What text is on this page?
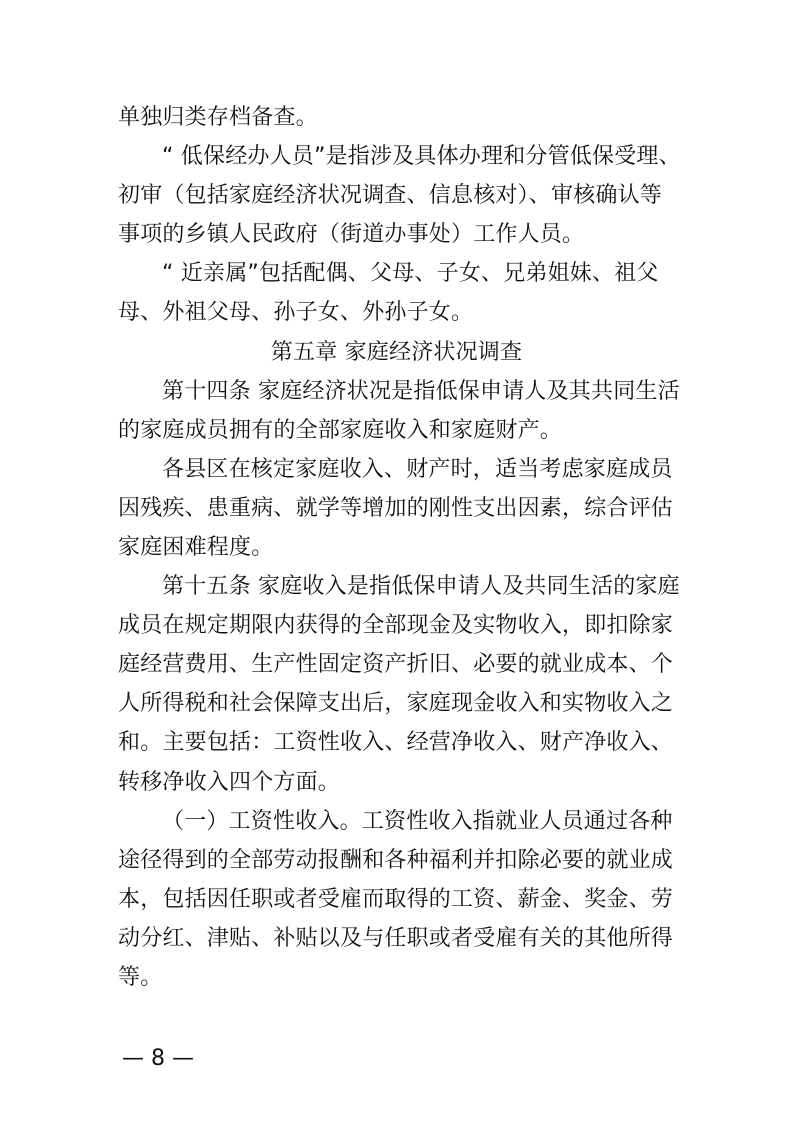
单独归类存档备查。
“ 低保经办人员”是指涉及具体办理和分管低保受理、
初审（包括家庭经济状况调查、信息核对）、审核确认等
事项的乡镇人民政府（街道办事处）工作人员。
“ 近亲属”包括配偶、父母、子女、兄弟姐妹、祖父
母、外祖父母、孙子女、外孙子女。
第五章 家庭经济状况调查
第十四条 家庭经济状况是指低保申请人及其共同生活
的家庭成员拥有的全部家庭收入和家庭财产。
各县区在核定家庭收入、财产时，适当考虑家庭成员
因残疾、患重病、就学等增加的刚性支出因素，综合评估
家庭困难程度。
第十五条 家庭收入是指低保申请人及共同生活的家庭
成员在规定期限内获得的全部现金及实物收入，即扣除家
庭经营费用、生产性固定资产折旧、必要的就业成本、个
人所得税和社会保障支出后，家庭现金收入和实物收入之
和。主要包括：工资性收入、经营净收入、财产净收入、
转移净收入四个方面。
（一）工资性收入。工资性收入指就业人员通过各种
途径得到的全部劳动报酬和各种福利并扣除必要的就业成
本，包括因任职或者受雇而取得的工资、薪金、奖金、劳
动分红、津贴、补贴以及与任职或者受雇有关的其他所得
等。
— 8 —
